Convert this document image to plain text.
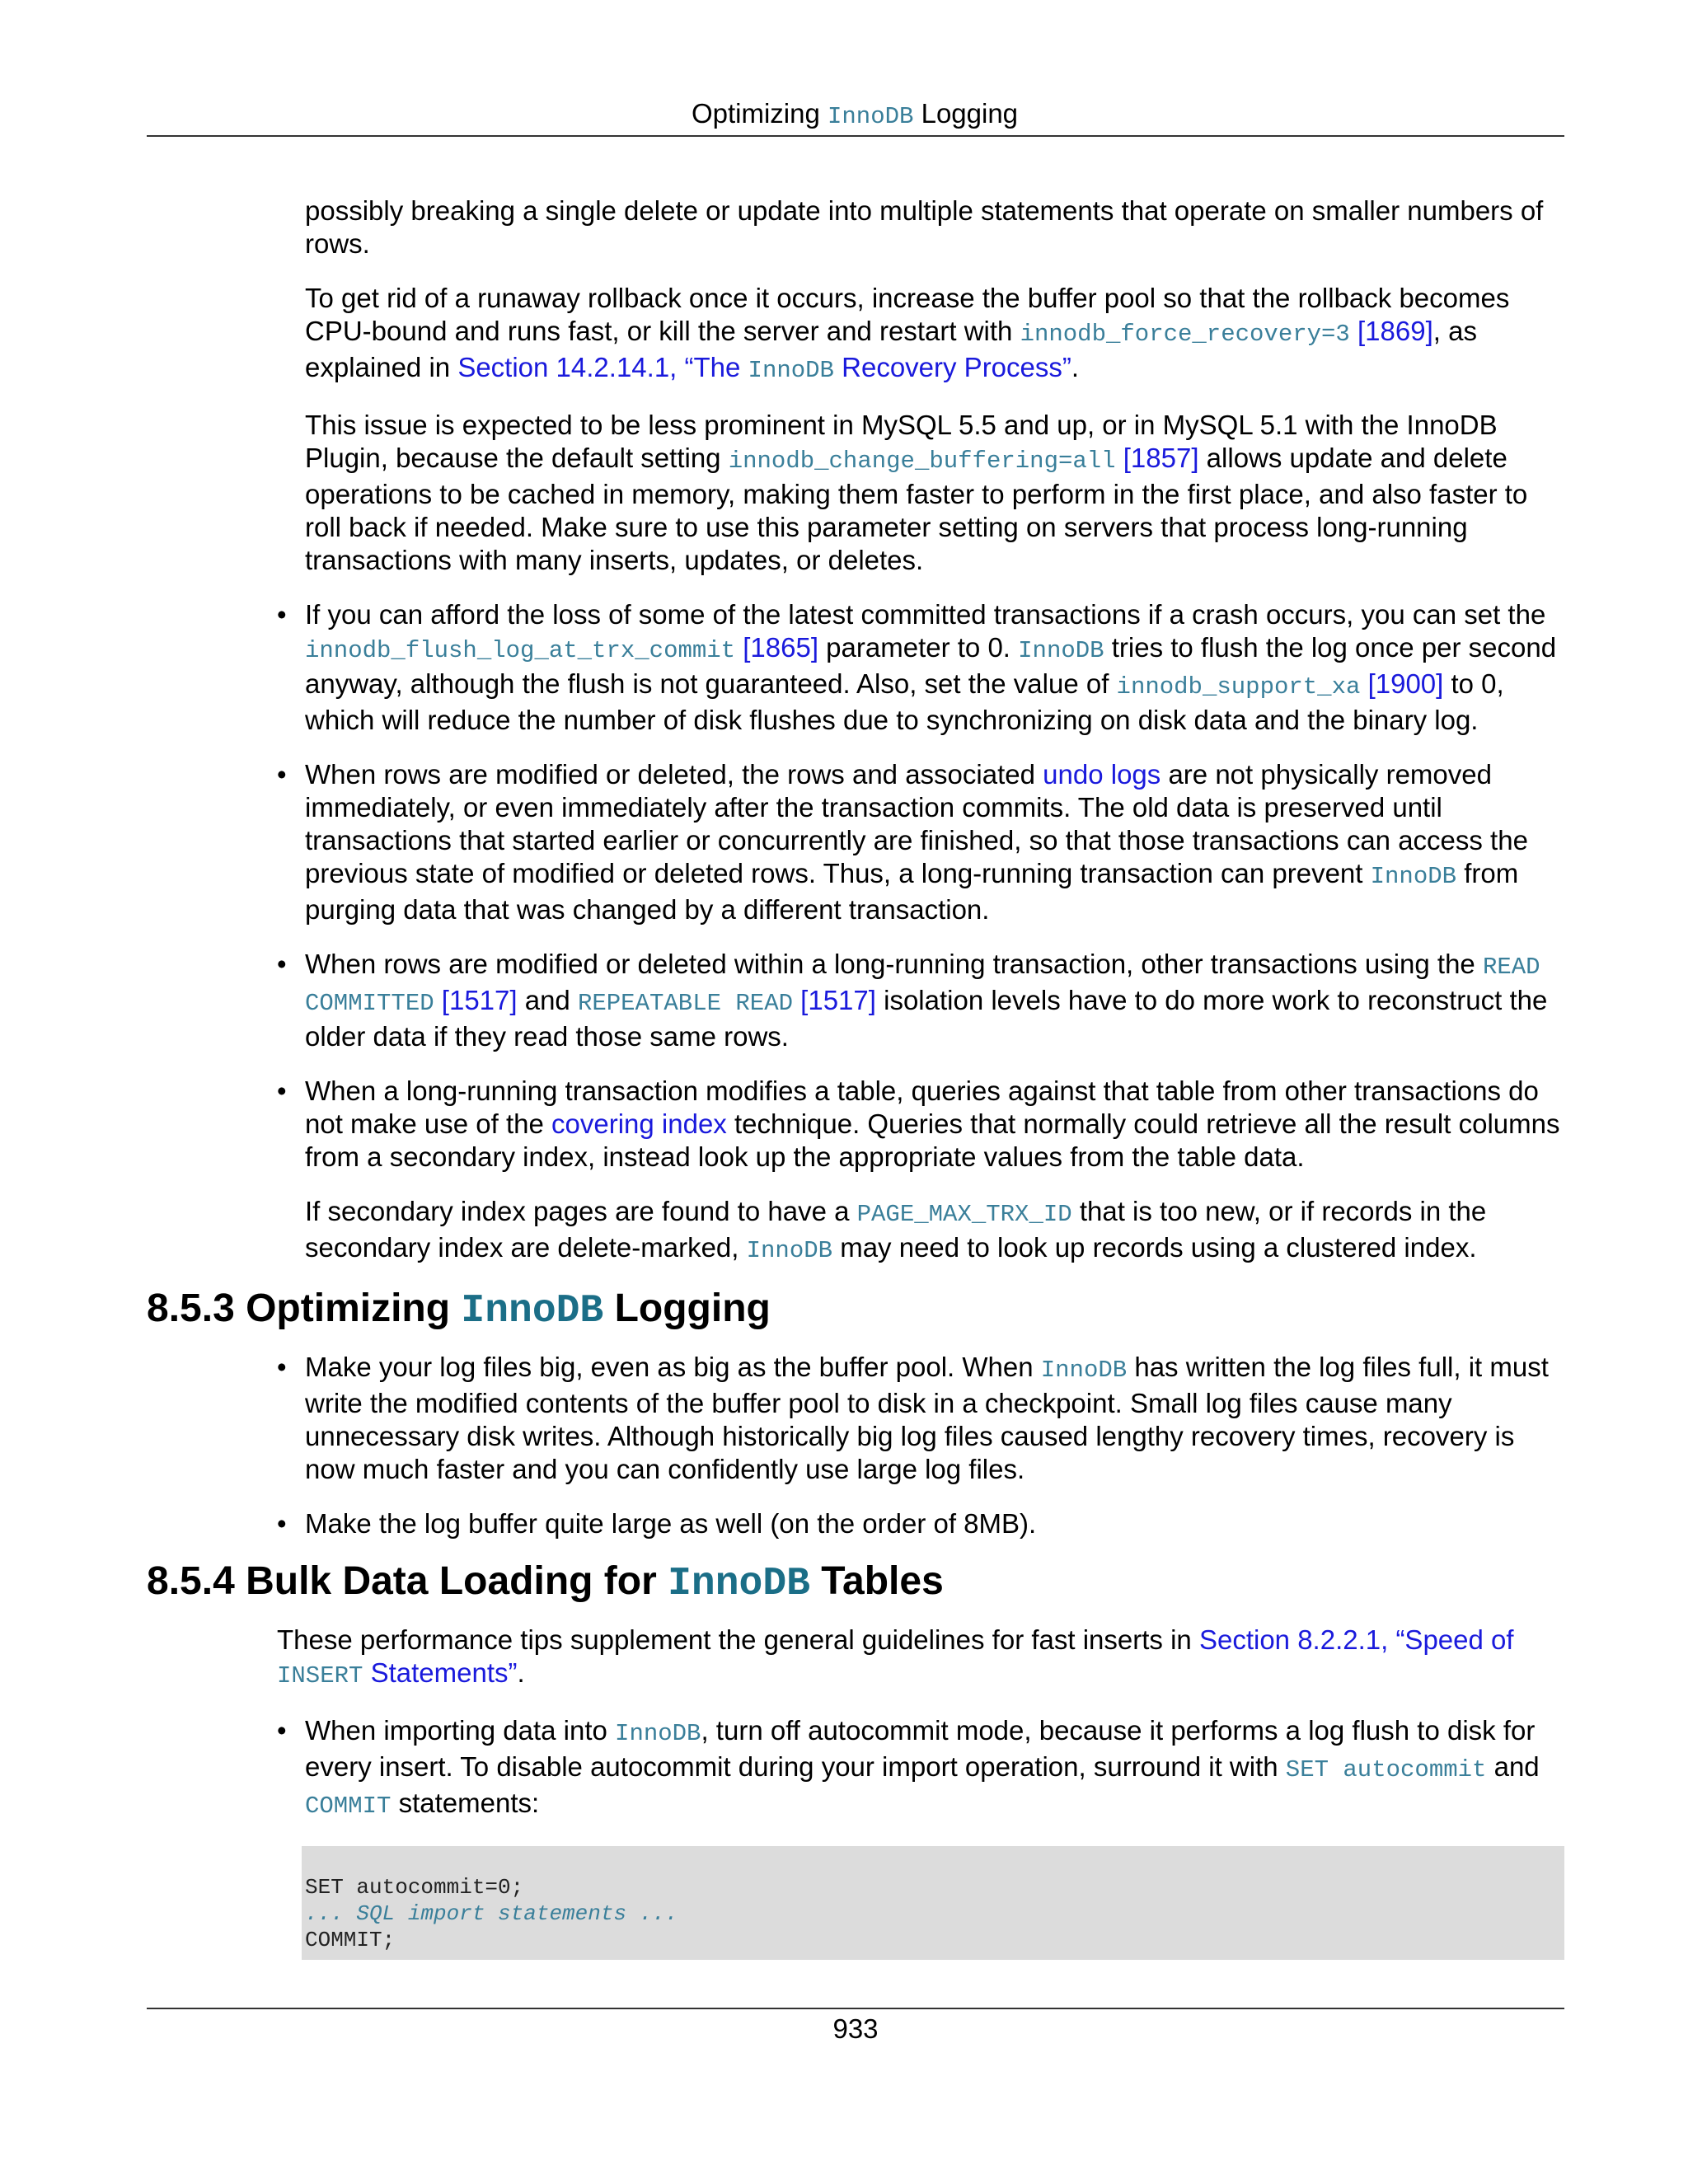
Optimizing InnoDB Logging

possibly breaking a single delete or update into multiple statements that operate on smaller numbers of rows.

To get rid of a runaway rollback once it occurs, increase the buffer pool so that the rollback becomes CPU-bound and runs fast, or kill the server and restart with innodb_force_recovery=3 [1869], as explained in Section 14.2.14.1, “The InnoDB Recovery Process”.

This issue is expected to be less prominent in MySQL 5.5 and up, or in MySQL 5.1 with the InnoDB Plugin, because the default setting innodb_change_buffering=all [1857] allows update and delete operations to be cached in memory, making them faster to perform in the first place, and also faster to roll back if needed. Make sure to use this parameter setting on servers that process long-running transactions with many inserts, updates, or deletes.

• If you can afford the loss of some of the latest committed transactions if a crash occurs, you can set the innodb_flush_log_at_trx_commit [1865] parameter to 0. InnoDB tries to flush the log once per second anyway, although the flush is not guaranteed. Also, set the value of innodb_support_xa [1900] to 0, which will reduce the number of disk flushes due to synchronizing on disk data and the binary log.
• When rows are modified or deleted, the rows and associated undo logs are not physically removed immediately, or even immediately after the transaction commits. The old data is preserved until transactions that started earlier or concurrently are finished, so that those transactions can access the previous state of modified or deleted rows. Thus, a long-running transaction can prevent InnoDB from purging data that was changed by a different transaction.
• When rows are modified or deleted within a long-running transaction, other transactions using the READ COMMITTED [1517] and REPEATABLE READ [1517] isolation levels have to do more work to reconstruct the older data if they read those same rows.
• When a long-running transaction modifies a table, queries against that table from other transactions do not make use of the covering index technique. Queries that normally could retrieve all the result columns from a secondary index, instead look up the appropriate values from the table data.

If secondary index pages are found to have a PAGE_MAX_TRX_ID that is too new, or if records in the secondary index are delete-marked, InnoDB may need to look up records using a clustered index.

8.5.3 Optimizing InnoDB Logging
• Make your log files big, even as big as the buffer pool. When InnoDB has written the log files full, it must write the modified contents of the buffer pool to disk in a checkpoint. Small log files cause many unnecessary disk writes. Although historically big log files caused lengthy recovery times, recovery is now much faster and you can confidently use large log files.
• Make the log buffer quite large as well (on the order of 8MB).
8.5.4 Bulk Data Loading for InnoDB Tables

These performance tips supplement the general guidelines for fast inserts in Section 8.2.2.1, “Speed of INSERT Statements”.

• When importing data into InnoDB, turn off autocommit mode, because it performs a log flush to disk for every insert. To disable autocommit during your import operation, surround it with SET autocommit and COMMIT statements:
SET autocommit=0;
... SQL import statements ...
COMMIT;
933
